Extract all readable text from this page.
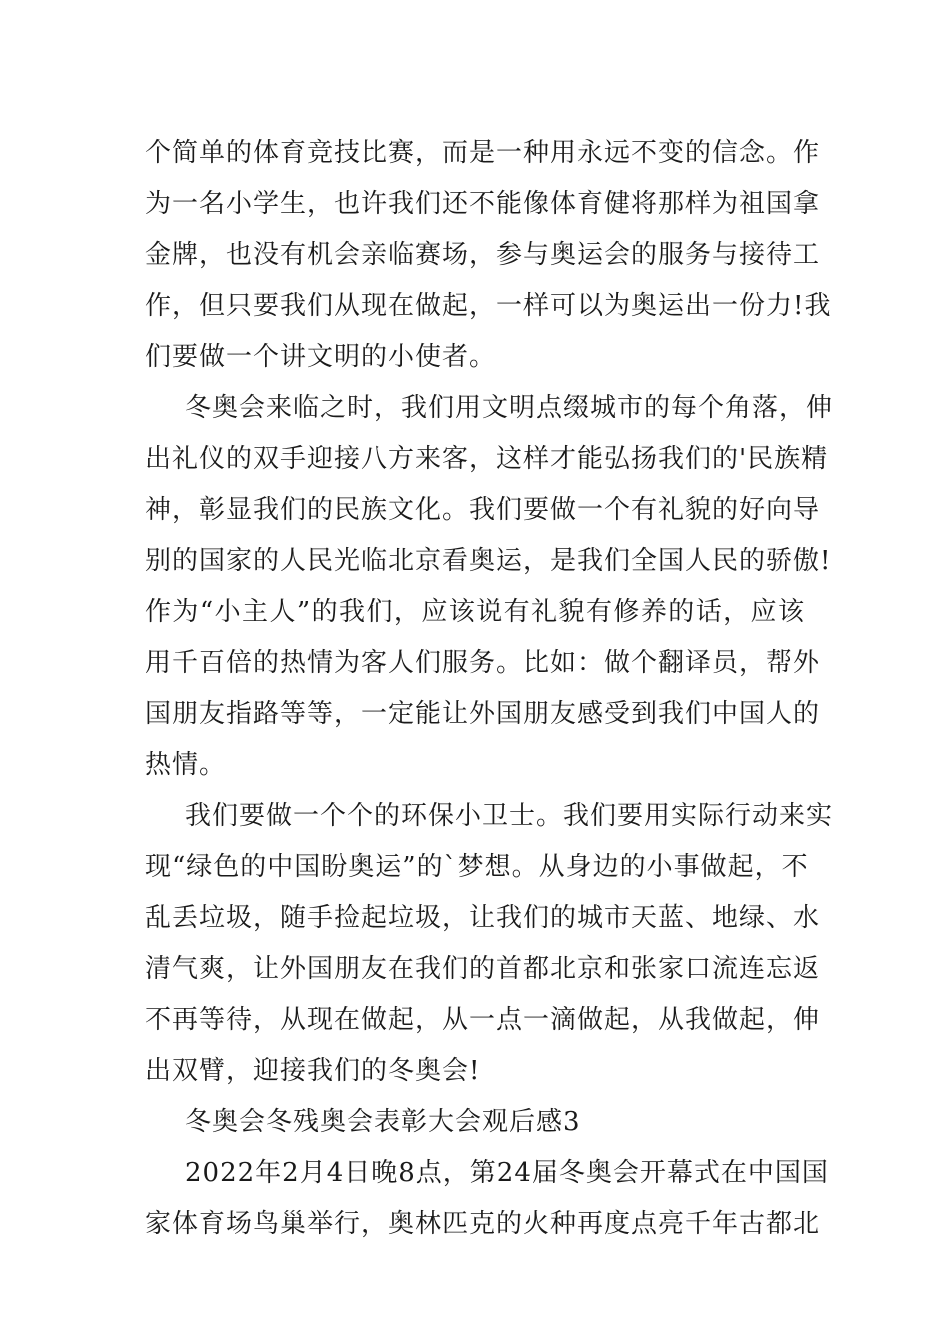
个简单的体育竞技比赛，而是一种用永远不变的信念。作
为一名小学生，也许我们还不能像体育健将那样为祖国拿
金牌，也没有机会亲临赛场，参与奥运会的服务与接待工
作，但只要我们从现在做起，一样可以为奥运出一份力!我
们要做一个讲文明的小使者。
冬奥会来临之时，我们用文明点缀城市的每个角落，伸
出礼仪的双手迎接八方来客，这样才能弘扬我们的'民族精
神，彰显我们的民族文化。我们要做一个有礼貌的好向导
别的国家的人民光临北京看奥运，是我们全国人民的骄傲!
作为“小主人”的我们，应该说有礼貌有修养的话，应该
用千百倍的热情为客人们服务。比如：做个翻译员，帮外
国朋友指路等等，一定能让外国朋友感受到我们中国人的
热情。
我们要做一个个的环保小卫士。我们要用实际行动来实
现“绿色的中国盼奥运”的`梦想。从身边的小事做起，不
乱丢垃圾，随手捡起垃圾，让我们的城市天蓝、地绿、水
清气爽，让外国朋友在我们的首都北京和张家口流连忘返
不再等待，从现在做起，从一点一滴做起，从我做起，伸
出双臂，迎接我们的冬奥会!
冬奥会冬残奥会表彰大会观后感3
2022年2月4日晚8点，第24届冬奥会开幕式在中国国
家体育场鸟巢举行，奥林匹克的火种再度点亮千年古都北
